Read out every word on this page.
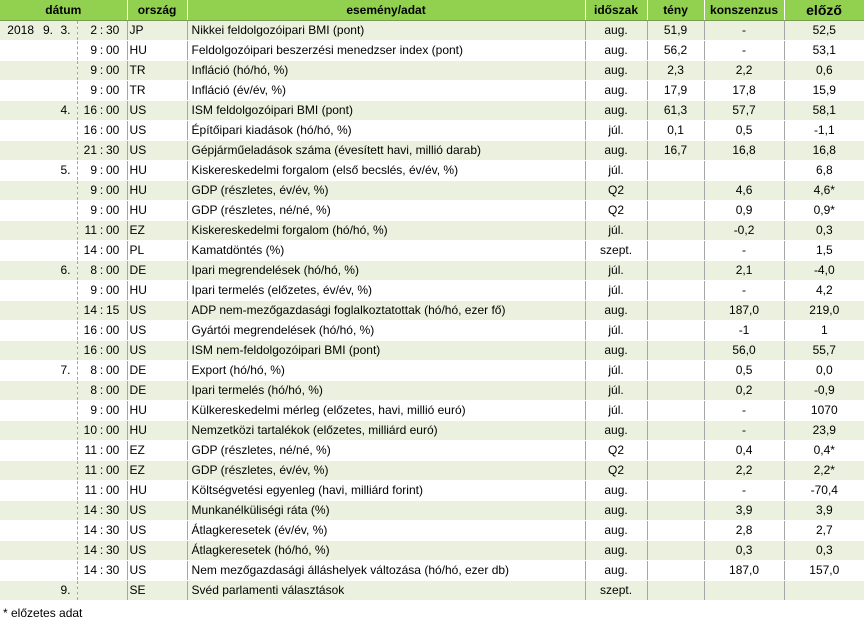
dátum						ország	esemény/adat	időszak	tény	konszenzus	előző
2018	9.	3.	2	:	30	JP	Nikkei feldolgozóipari BMI (pont)	aug.	51,9	-	52,5
			9	:	00	HU	Feldolgozóipari beszerzési menedzser index (pont)	aug.	56,2	-	53,1
			9	:	00	TR	Infláció (hó/hó, %)	aug.	2,3	2,2	0,6
			9	:	00	TR	Infláció (év/év, %)	aug.	17,9	17,8	15,9
		4.	16	:	00	US	ISM feldolgozóipari BMI (pont)	aug.	61,3	57,7	58,1
			16	:	00	US	Építőipari kiadások (hó/hó, %)	júl.	0,1	0,5	-1,1
			21	:	30	US	Gépjárműeladások száma (évesített havi, millió darab)	aug.	16,7	16,8	16,8
		5.	9	:	00	HU	Kiskereskedelmi forgalom (első becslés, év/év, %)	júl.			6,8
			9	:	00	HU	GDP (részletes, év/év, %)	Q2		4,6	4,6*
			9	:	00	HU	GDP (részletes, né/né, %)	Q2		0,9	0,9*
			11	:	00	EZ	Kiskereskedelmi forgalom (hó/hó, %)	júl.		-0,2	0,3
			14	:	00	PL	Kamatdöntés (%)	szept.		-	1,5
		6.	8	:	00	DE	Ipari megrendelések (hó/hó, %)	júl.		2,1	-4,0
			9	:	00	HU	Ipari termelés (előzetes, év/év, %)	júl.		-	4,2
			14	:	15	US	ADP nem-mezőgazdasági foglalkoztatottak (hó/hó, ezer fő)	aug.		187,0	219,0
			16	:	00	US	Gyártói megrendelések (hó/hó, %)	júl.		-1	1
			16	:	00	US	ISM nem-feldolgozóipari BMI (pont)	aug.		56,0	55,7
		7.	8	:	00	DE	Export (hó/hó, %)	júl.		0,5	0,0
			8	:	00	DE	Ipari termelés (hó/hó, %)	júl.		0,2	-0,9
			9	:	00	HU	Külkereskedelmi mérleg (előzetes, havi, millió euró)	júl.		-	1070
			10	:	00	HU	Nemzetközi tartalékok (előzetes, milliárd euró)	aug.		-	23,9
			11	:	00	EZ	GDP (részletes, né/né, %)	Q2		0,4	0,4*
			11	:	00	EZ	GDP (részletes, év/év, %)	Q2		2,2	2,2*
			11	:	00	HU	Költségvetési egyenleg (havi, milliárd forint)	aug.		-	-70,4
			14	:	30	US	Munkanélküliségi ráta (%)	aug.		3,9	3,9
			14	:	30	US	Átlagkeresetek (év/év, %)	aug.		2,8	2,7
			14	:	30	US	Átlagkeresetek (hó/hó, %)	aug.		0,3	0,3
			14	:	30	US	Nem mezőgazdasági álláshelyek változása (hó/hó, ezer db)	aug.		187,0	157,0
		9.				SE	Svéd parlamenti választások	szept.			
* előzetes adat
